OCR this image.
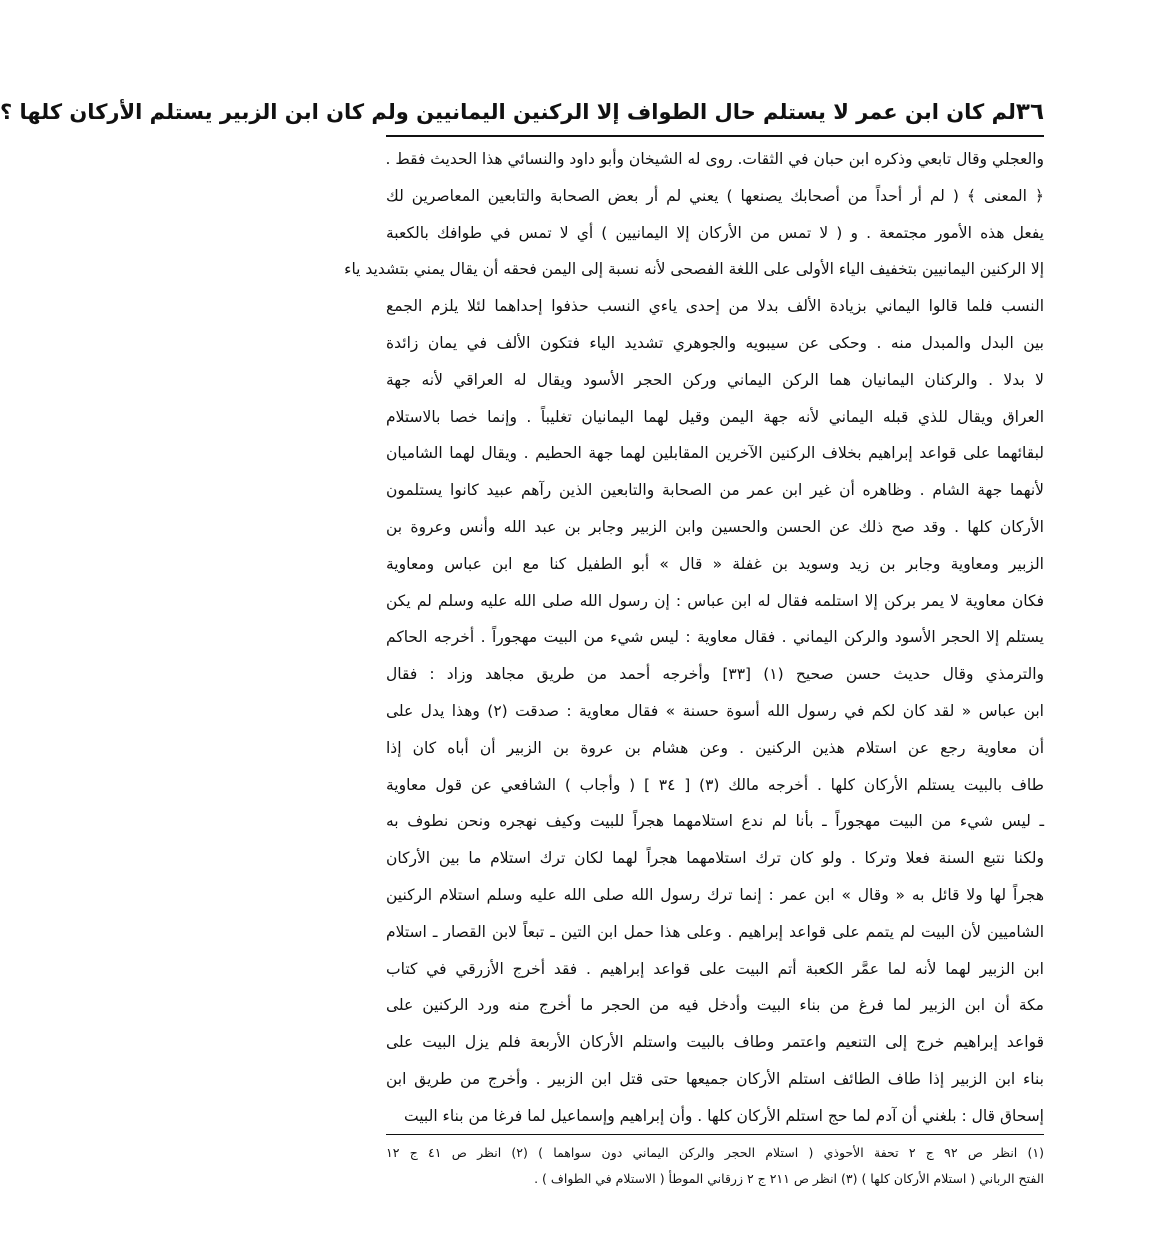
٣٦
لم كان ابن عمر لا يستلم حال الطواف إلا الركنين اليمانيين ولم كان ابن الزبير يستلم الأركان كلها ؟
والعجلي وقال تابعي وذكره ابن حبان في الثقات. روى له الشيخان وأبو داود والنسائي هذا الحديث فقط .
﴿ المعنى ﴾ ( لم أر أحداً من أصحابك يصنعها ) يعني لم أر بعض الصحابة والتابعين المعاصرين لك
يفعل هذه الأمور مجتمعة . و ( لا تمس من الأركان إلا اليمانيين ) أي لا تمس في طوافك بالكعبة
إلا الركنين اليمانيين بتخفيف الياء الأولى على اللغة الفصحى لأنه نسبة إلى اليمن فحقه أن يقال يمني بتشديد ياء
النسب فلما قالوا اليماني بزيادة الألف بدلا من إحدى ياءي النسب حذفوا إحداهما لئلا يلزم الجمع
بين البدل والمبدل منه . وحكى عن سيبويه والجوهري تشديد الياء فتكون الألف في يمان زائدة
لا بدلا . والركنان اليمانيان هما الركن اليماني وركن الحجر الأسود ويقال له العراقي لأنه جهة
العراق ويقال للذي قبله اليماني لأنه جهة اليمن وقيل لهما اليمانيان تغليباً . وإنما خصا بالاستلام
لبقائهما على قواعد إبراهيم بخلاف الركنين الآخرين المقابلين لهما جهة الحطيم . ويقال لهما الشاميان
لأنهما جهة الشام . وظاهره أن غير ابن عمر من الصحابة والتابعين الذين رآهم عبيد كانوا يستلمون
الأركان كلها . وقد صح ذلك عن الحسن والحسين وابن الزبير وجابر بن عبد الله وأنس وعروة بن
الزبير ومعاوية وجابر بن زيد وسويد بن غفلة « قال » أبو الطفيل كنا مع ابن عباس ومعاوية
فكان معاوية لا يمر بركن إلا استلمه فقال له ابن عباس : إن رسول الله صلى الله عليه وسلم لم يكن
يستلم إلا الحجر الأسود والركن اليماني . فقال معاوية : ليس شيء من البيت مهجوراً . أخرجه الحاكم
والترمذي وقال حديث حسن صحيح (١) [٣٣] وأخرجه أحمد من طريق مجاهد وزاد : فقال
ابن عباس « لقد كان لكم في رسول الله أسوة حسنة » فقال معاوية : صدقت (٢) وهذا يدل على
أن معاوية رجع عن استلام هذين الركنين . وعن هشام بن عروة بن الزبير أن أباه كان إذا
طاف بالبيت يستلم الأركان كلها . أخرجه مالك (٣) [ ٣٤ ] ( وأجاب ) الشافعي عن قول معاوية
ـ ليس شيء من البيت مهجوراً ـ بأنا لم ندع استلامهما هجراً للبيت وكيف نهجره ونحن نطوف به
ولكنا نتبع السنة فعلا وتركا . ولو كان ترك استلامهما هجراً لهما لكان ترك استلام ما بين الأركان
هجراً لها ولا قائل به « وقال » ابن عمر : إنما ترك رسول الله صلى الله عليه وسلم استلام الركنين
الشاميين لأن البيت لم يتمم على قواعد إبراهيم . وعلى هذا حمل ابن التين ـ تبعاً لابن القصار ـ استلام
ابن الزبير لهما لأنه لما عمَّر الكعبة أتم البيت على قواعد إبراهيم . فقد أخرج الأزرقي في كتاب
مكة أن ابن الزبير لما فرغ من بناء البيت وأدخل فيه من الحجر ما أخرج منه ورد الركنين على
قواعد إبراهيم خرج إلى التنعيم واعتمر وطاف بالبيت واستلم الأركان الأربعة فلم يزل البيت على
بناء ابن الزبير إذا طاف الطائف استلم الأركان جميعها حتى قتل ابن الزبير . وأخرج من طريق ابن
إسحاق قال : بلغني أن آدم لما حج استلم الأركان كلها . وأن إبراهيم وإسماعيل لما فرغا من بناء البيت
(١) انظر ص ٩٢ ج ٢ تحفة الأحوذي ( استلام الحجر والركن اليماني دون سواهما ) (٢) انظر ص ٤١ ج ١٢
الفتح الرباني ( استلام الأركان كلها ) (٣) انظر ص ٢١١ ج ٢ زرقاني الموطأ ( الاستلام في الطواف ) .
